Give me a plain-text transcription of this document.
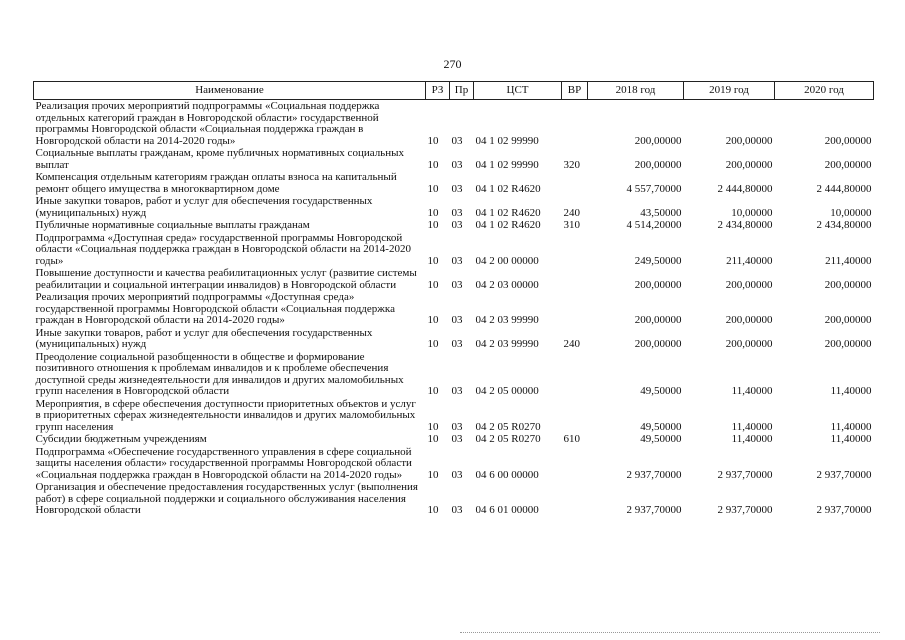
270
Наименование	РЗ	Пр	ЦСТ	ВР	2018 год	2019 год	2020 год
Реализация прочих мероприятий подпрограммы «Социальная поддержка отдельных категорий граждан в Новгородской области» государственной программы Новгородской области «Социальная поддержка граждан в Новгородской области на 2014-2020 годы»	10	03	04 1 02 99990		200,00000	200,00000	200,00000
Социальные выплаты гражданам, кроме публичных нормативных социальных выплат	10	03	04 1 02 99990	320	200,00000	200,00000	200,00000
Компенсация отдельным категориям граждан оплаты взноса на капитальный ремонт общего имущества в многоквартирном доме	10	03	04 1 02 R4620		4 557,70000	2 444,80000	2 444,80000
Иные закупки товаров, работ и услуг для обеспечения государственных (муниципальных) нужд	10	03	04 1 02 R4620	240	43,50000	10,00000	10,00000
Публичные нормативные социальные выплаты гражданам	10	03	04 1 02 R4620	310	4 514,20000	2 434,80000	2 434,80000
Подпрограмма «Доступная среда» государственной программы Новгородской области «Социальная поддержка граждан в Новгородской области на 2014-2020 годы»	10	03	04 2 00 00000		249,50000	211,40000	211,40000
Повышение доступности и качества реабилитационных услуг (развитие системы реабилитации и социальной интеграции инвалидов) в Новгородской области	10	03	04 2 03 00000		200,00000	200,00000	200,00000
Реализация прочих мероприятий подпрограммы «Доступная среда» государственной программы Новгородской области «Социальная поддержка граждан в Новгородской области на 2014-2020 годы»	10	03	04 2 03 99990		200,00000	200,00000	200,00000
Иные закупки товаров, работ и услуг для обеспечения государственных (муниципальных) нужд	10	03	04 2 03 99990	240	200,00000	200,00000	200,00000
Преодоление социальной разобщенности в обществе и формирование позитивного отношения к проблемам инвалидов и к проблеме обеспечения доступной среды жизнедеятельности для инвалидов и других маломобильных групп населения в Новгородской области	10	03	04 2 05 00000		49,50000	11,40000	11,40000
Мероприятия, в сфере обеспечения доступности приоритетных объектов и услуг в приоритетных сферах жизнедеятельности инвалидов и других маломобильных групп населения	10	03	04 2 05 R0270		49,50000	11,40000	11,40000
Субсидии бюджетным учреждениям	10	03	04 2 05 R0270	610	49,50000	11,40000	11,40000
Подпрограмма «Обеспечение государственного управления в сфере социальной защиты населения области» государственной программы Новгородской области «Социальная поддержка граждан в Новгородской области на 2014-2020 годы»	10	03	04 6 00 00000		2 937,70000	2 937,70000	2 937,70000
Организация и обеспечение предоставления государственных услуг (выполнения работ) в сфере социальной поддержки и социального обслуживания населения Новгородской области	10	03	04 6 01 00000		2 937,70000	2 937,70000	2 937,70000
